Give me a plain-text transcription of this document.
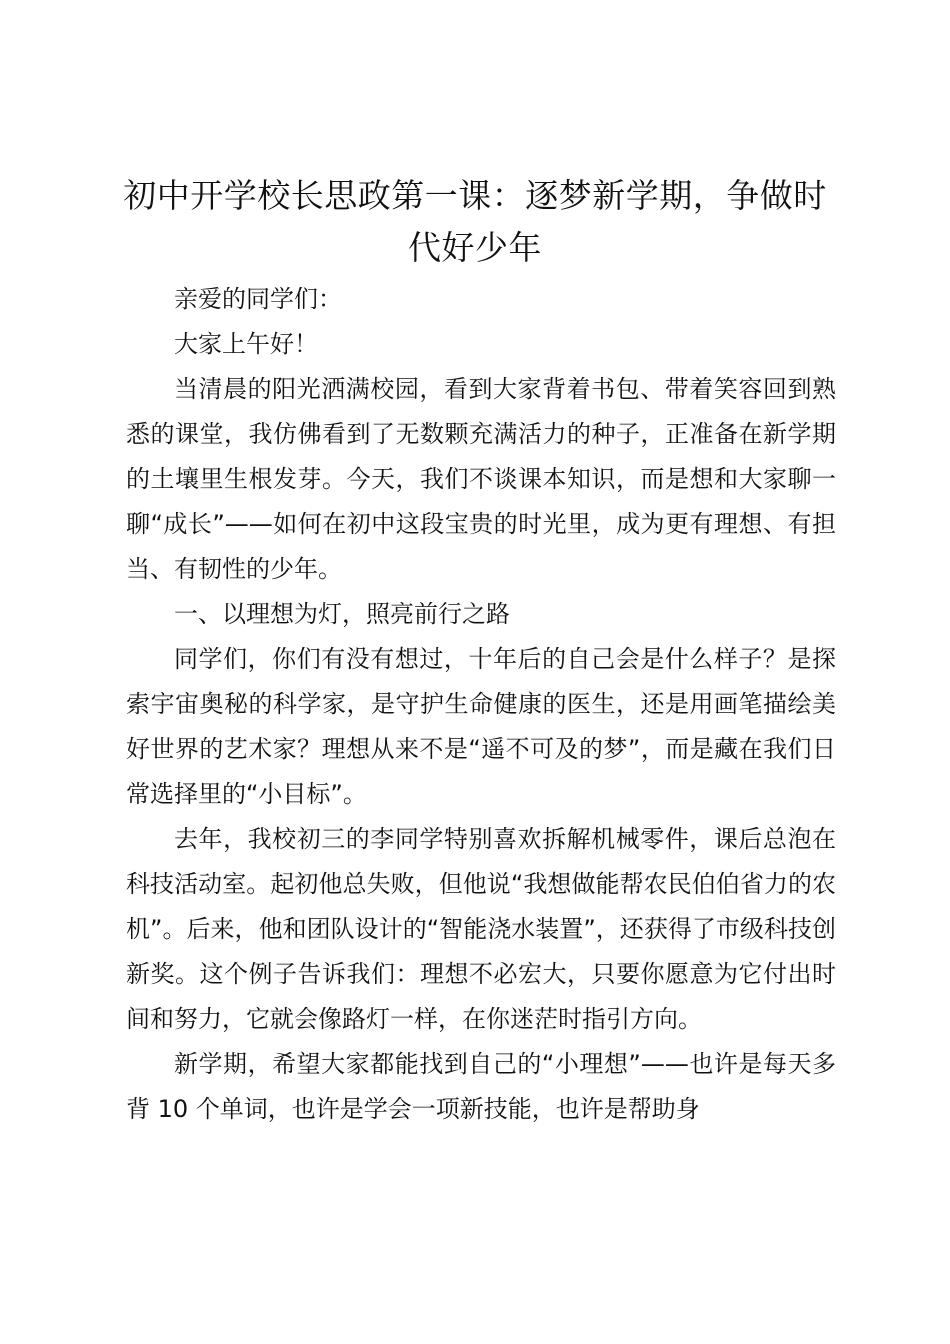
初中开学校长思政第一课：逐梦新学期，争做时代好少年

亲爱的同学们：

大家上午好！

当清晨的阳光洒满校园，看到大家背着书包、带着笑容回到熟悉的课堂，我仿佛看到了无数颗充满活力的种子，正准备在新学期的土壤里生根发芽。今天，我们不谈课本知识，而是想和大家聊一聊“成长”——如何在初中这段宝贵的时光里，成为更有理想、有担当、有韧性的少年。

一、以理想为灯，照亮前行之路

同学们，你们有没有想过，十年后的自己会是什么样子？是探索宇宙奥秘的科学家，是守护生命健康的医生，还是用画笔描绘美好世界的艺术家？理想从来不是“遥不可及的梦”，而是藏在我们日常选择里的“小目标”。

去年，我校初三的李同学特别喜欢拆解机械零件，课后总泡在科技活动室。起初他总失败，但他说“我想做能帮农民伯伯省力的农机”。后来，他和团队设计的“智能浇水装置”，还获得了市级科技创新奖。这个例子告诉我们：理想不必宏大，只要你愿意为它付出时间和努力，它就会像路灯一样，在你迷茫时指引方向。

新学期，希望大家都能找到自己的“小理想”——也许是每天多背 10 个单词，也许是学会一项新技能，也许是帮助身
